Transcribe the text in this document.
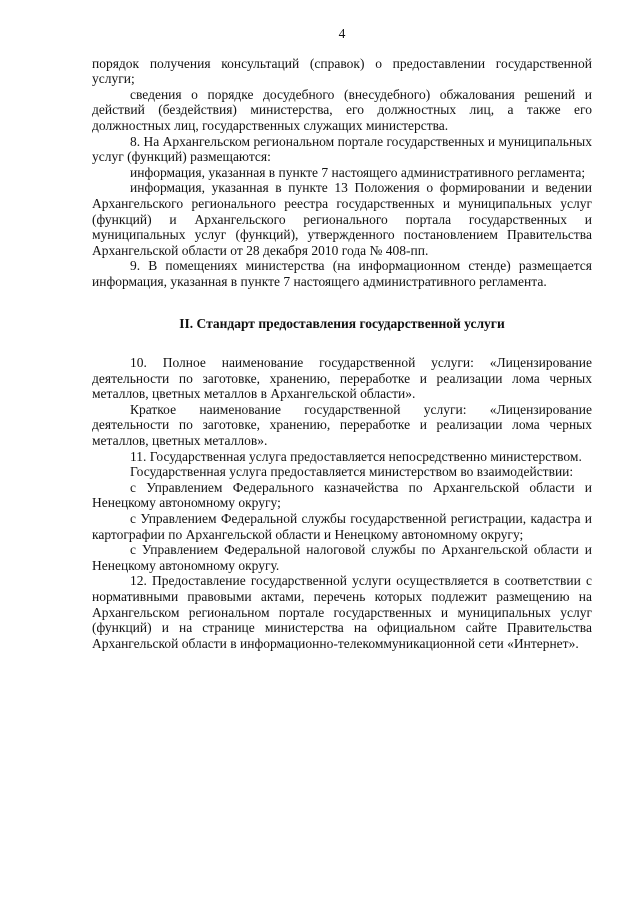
4

порядок получения консультаций (справок) о предоставлении государственной услуги;

сведения о порядке досудебного (внесудебного) обжалования решений и действий (бездействия) министерства, его должностных лиц, а также его должностных лиц, государственных служащих министерства.

8. На Архангельском региональном портале государственных и муниципальных услуг (функций) размещаются:

информация, указанная в пункте 7 настоящего административного регламента;

информация, указанная в пункте 13 Положения о формировании и ведении Архангельского регионального реестра государственных и муниципальных услуг (функций) и Архангельского регионального портала государственных и муниципальных услуг (функций), утвержденного постановлением Правительства Архангельской области от 28 декабря 2010 года № 408-пп.

9. В помещениях министерства (на информационном стенде) размещается информация, указанная в пункте 7 настоящего административного регламента.

II. Стандарт предоставления государственной услуги

10. Полное наименование государственной услуги: «Лицензирование деятельности по заготовке, хранению, переработке и реализации лома черных металлов, цветных металлов в Архангельской области».

Краткое наименование государственной услуги: «Лицензирование деятельности по заготовке, хранению, переработке и реализации лома черных металлов, цветных металлов».

11. Государственная услуга предоставляется непосредственно министерством.

Государственная услуга предоставляется министерством во взаимодействии:

с Управлением Федерального казначейства по Архангельской области и Ненецкому автономному округу;

с Управлением Федеральной службы государственной регистрации, кадастра и картографии по Архангельской области и Ненецкому автономному округу;

с Управлением Федеральной налоговой службы по Архангельской области и Ненецкому автономному округу.

12. Предоставление государственной услуги осуществляется в соответствии с нормативными правовыми актами, перечень которых подлежит размещению на Архангельском региональном портале государственных и муниципальных услуг (функций) и на странице министерства на официальном сайте Правительства Архангельской области в информационно-телекоммуникационной сети «Интернет».
